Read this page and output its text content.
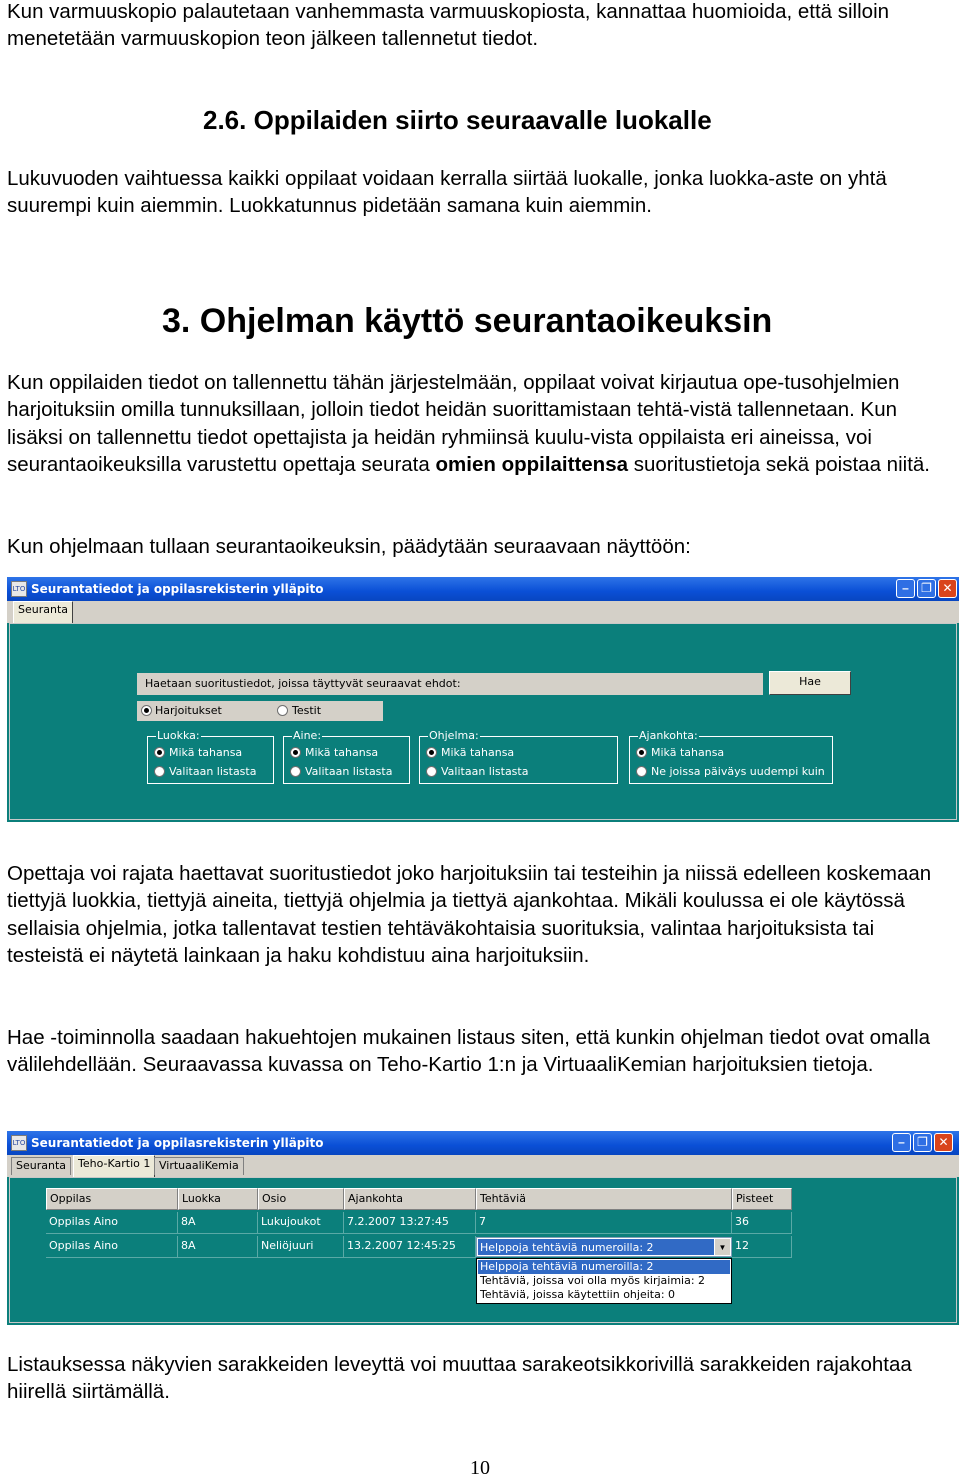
Kun varmuuskopio palautetaan vanhemmasta varmuuskopiosta, kannattaa huomioida, että silloin menetetään varmuuskopion teon jälkeen tallennetut tiedot.

2.6. Oppilaiden siirto seuraavalle luokalle

Lukuvuoden vaihtuessa kaikki oppilaat voidaan kerralla siirtää luokalle, jonka luokka-aste on yhtä suurempi kuin aiemmin. Luokkatunnus pidetään samana kuin aiemmin.

3. Ohjelman käyttö seurantaoikeuksin

Kun oppilaiden tiedot on tallennettu tähän järjestelmään, oppilaat voivat kirjautua ope-tusohjelmien harjoituksiin omilla tunnuksillaan, jolloin tiedot heidän suorittamistaan tehtä-vistä tallennetaan. Kun lisäksi on tallennettu tiedot opettajista ja heidän ryhmiinsä kuulu-vista oppilaista eri aineissa, voi seurantaoikeuksilla varustettu opettaja seurata omien oppilaittensa suoritustietoja sekä poistaa niitä.

Kun ohjelmaan tullaan seurantaoikeuksin, päädytään seuraavaan näyttöön:

LTO Seurantatiedot ja oppilasrekisterin ylläpito	–	❐ ✕
Seuranta
Haetaan suoritustiedot, joissa täyttyvät seuraavat ehdot:	Hae
Harjoitukset	Testit
Luokka:
Mikä tahansa
Valitaan listasta
Aine:
Mikä tahansa
Valitaan listasta
Ohjelma:
Mikä tahansa
Valitaan listasta
Ajankohta:
Mikä tahansa
Ne joissa päiväys uudempi kuin

Opettaja voi rajata haettavat suoritustiedot joko harjoituksiin tai testeihin ja niissä edelleen koskemaan tiettyjä luokkia, tiettyjä aineita, tiettyjä ohjelmia ja tiettyä ajankohtaa. Mikäli koulussa ei ole käytössä sellaisia ohjelmia, jotka tallentavat testien tehtäväkohtaisia suorituksia, valintaa harjoituksista tai testeistä ei näytetä lainkaan ja haku kohdistuu aina harjoituksiin.

Hae -toiminnolla saadaan hakuehtojen mukainen listaus siten, että kunkin ohjelman tiedot ovat omalla välilehdellään. Seuraavassa kuvassa on Teho-Kartio 1:n ja VirtuaaliKemian harjoituksien tietoja.

LTO Seurantatiedot ja oppilasrekisterin ylläpito	–	❐ ✕
Seuranta	Teho-Kartio 1 VirtuaaliKemia
Oppilas	Luokka	Osio	Ajankohta	Tehtäviä	Pisteet
Oppilas Aino	8A	Lukujoukot	7.2.2007 13:27:45	7	36
Oppilas Aino	8A	Neliöjuuri	13.2.2007 12:45:25	Helppoja tehtäviä numeroilla: 2	▼ 12
Helppoja tehtäviä numeroilla: 2
Tehtäviä, joissa voi olla myös kirjaimia: 2
Tehtäviä, joissa käytettiin ohjeita: 0

Listauksessa näkyvien sarakkeiden leveyttä voi muuttaa sarakeotsikkorivillä sarakkeiden rajakohtaa hiirellä siirtämällä.

10
